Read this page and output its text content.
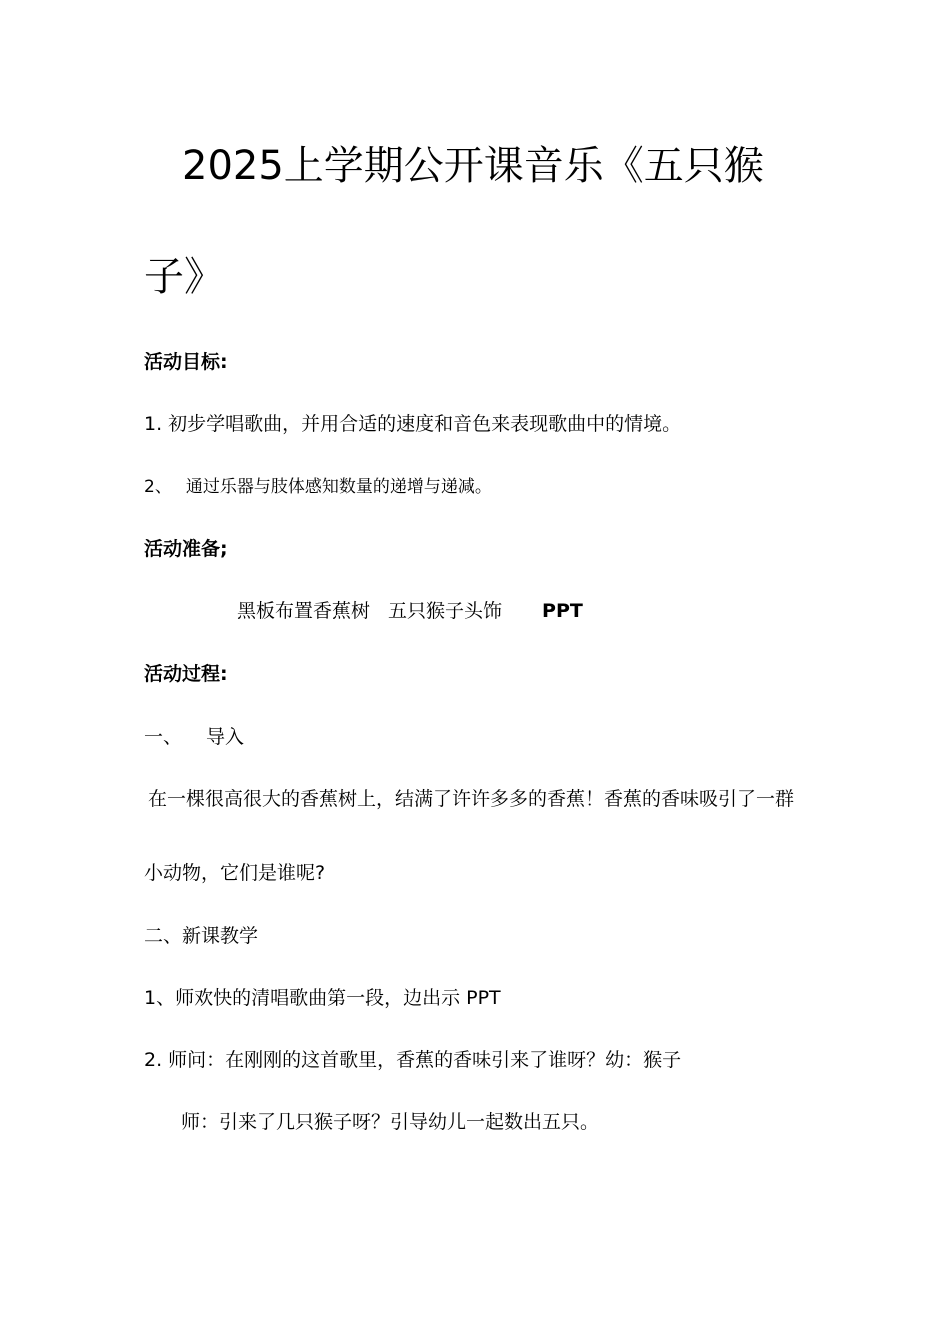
2025上学期公开课音乐《五只猴
子》
活动目标:
1. 初步学唱歌曲，并用合适的速度和音色来表现歌曲中的情境。
2、 通过乐器与肢体感知数量的递增与递减。
活动准备;
黑板布置香蕉树 五只猴子头饰 PPT
活动过程:
一、 导入
在一棵很高很大的香蕉树上，结满了许许多多的香蕉！香蕉的香味吸引了一群
小动物，它们是谁呢?
二、新课教学
1、师欢快的清唱歌曲第一段，边出示 PPT
2. 师问：在刚刚的这首歌里，香蕉的香味引来了谁呀？幼：猴子
师：引来了几只猴子呀？引导幼儿一起数出五只。
